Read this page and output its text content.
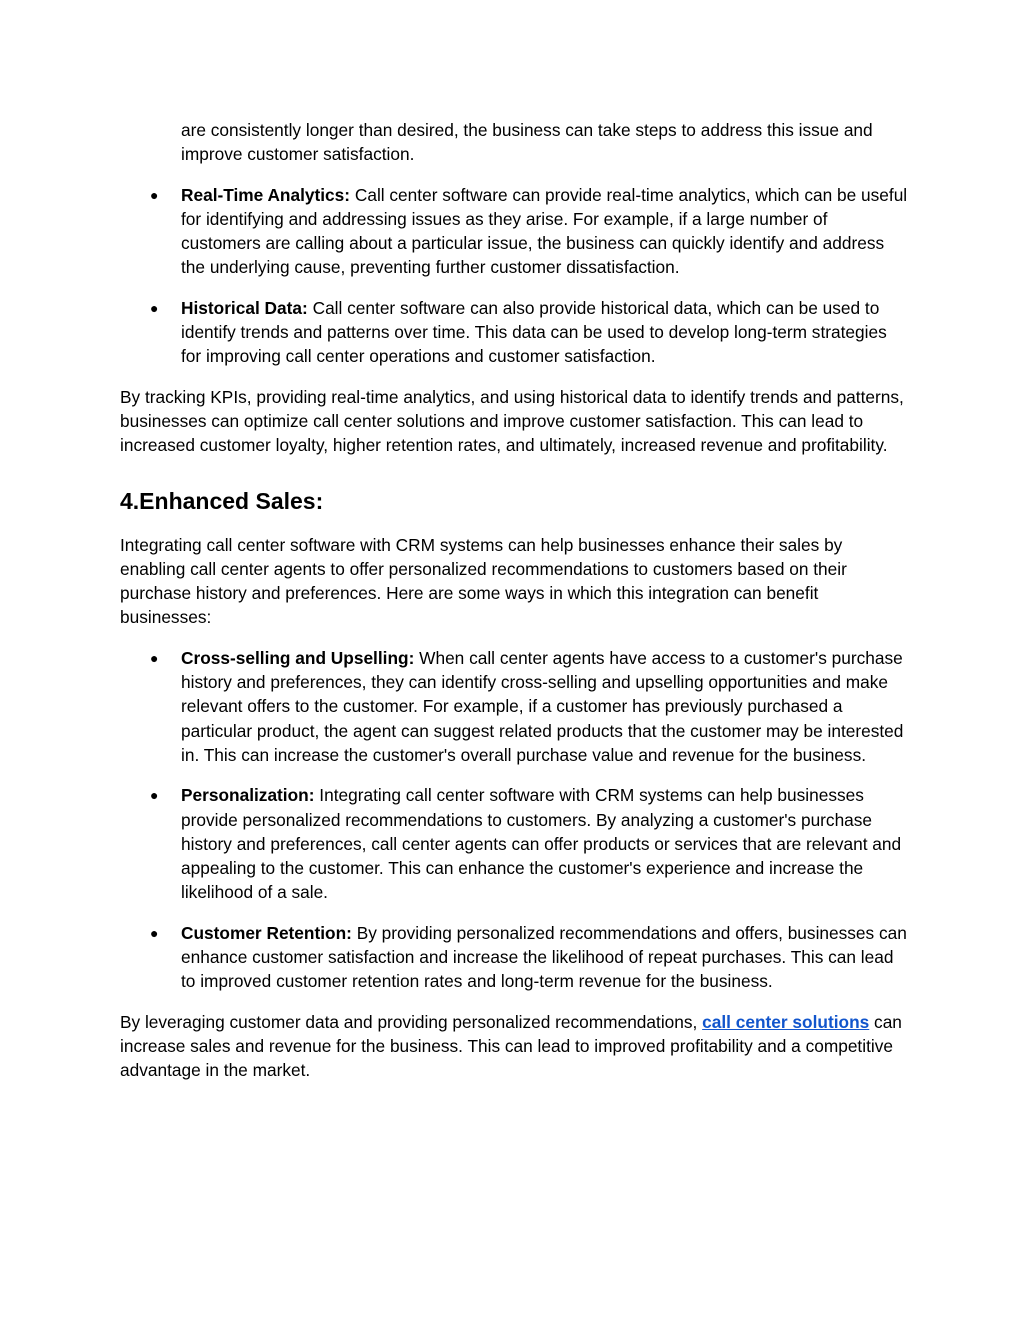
are consistently longer than desired, the business can take steps to address this issue and improve customer satisfaction.

● Real-Time Analytics: Call center software can provide real-time analytics, which can be useful for identifying and addressing issues as they arise. For example, if a large number of customers are calling about a particular issue, the business can quickly identify and address the underlying cause, preventing further customer dissatisfaction.
● Historical Data: Call center software can also provide historical data, which can be used to identify trends and patterns over time. This data can be used to develop long-term strategies for improving call center operations and customer satisfaction.

By tracking KPIs, providing real-time analytics, and using historical data to identify trends and patterns, businesses can optimize call center solutions and improve customer satisfaction. This can lead to increased customer loyalty, higher retention rates, and ultimately, increased revenue and profitability.

4.Enhanced Sales:

Integrating call center software with CRM systems can help businesses enhance their sales by enabling call center agents to offer personalized recommendations to customers based on their purchase history and preferences. Here are some ways in which this integration can benefit businesses:

● Cross-selling and Upselling: When call center agents have access to a customer's purchase history and preferences, they can identify cross-selling and upselling opportunities and make relevant offers to the customer. For example, if a customer has previously purchased a particular product, the agent can suggest related products that the customer may be interested in. This can increase the customer's overall purchase value and revenue for the business.
● Personalization: Integrating call center software with CRM systems can help businesses provide personalized recommendations to customers. By analyzing a customer's purchase history and preferences, call center agents can offer products or services that are relevant and appealing to the customer. This can enhance the customer's experience and increase the likelihood of a sale.
● Customer Retention: By providing personalized recommendations and offers, businesses can enhance customer satisfaction and increase the likelihood of repeat purchases. This can lead to improved customer retention rates and long-term revenue for the business.

By leveraging customer data and providing personalized recommendations, call center solutions can increase sales and revenue for the business. This can lead to improved profitability and a competitive advantage in the market.
